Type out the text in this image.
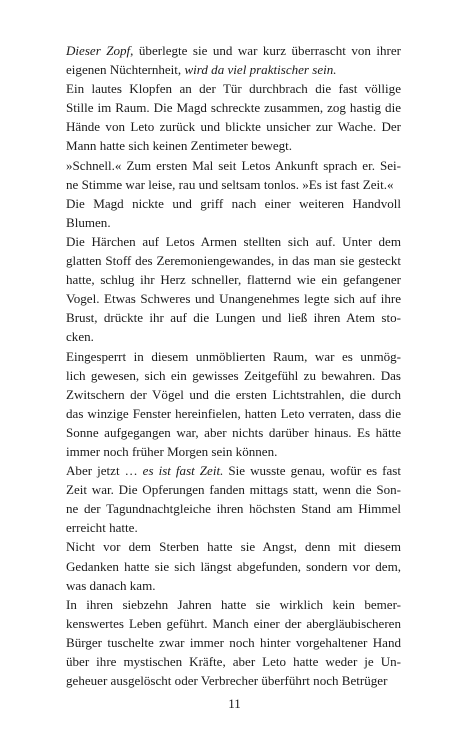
Dieser Zopf, überlegte sie und war kurz überrascht von ihrer
eigenen Nüchternheit, wird da viel praktischer sein.
Ein lautes Klopfen an der Tür durchbrach die fast völlige
Stille im Raum. Die Magd schreckte zusammen, zog hastig die
Hände von Leto zurück und blickte unsicher zur Wache. Der
Mann hatte sich keinen Zentimeter bewegt.
»Schnell.« Zum ersten Mal seit Letos Ankunft sprach er. Sei-
ne Stimme war leise, rau und seltsam tonlos. »Es ist fast Zeit.«
Die Magd nickte und griff nach einer weiteren Handvoll
Blumen.
Die Härchen auf Letos Armen stellten sich auf. Unter dem
glatten Stoff des Zeremoniengewandes, in das man sie gesteckt
hatte, schlug ihr Herz schneller, flatternd wie ein gefangener
Vogel. Etwas Schweres und Unangenehmes legte sich auf ihre
Brust, drückte ihr auf die Lungen und ließ ihren Atem sto-
cken.
Eingesperrt in diesem unmöblierten Raum, war es unmög-
lich gewesen, sich ein gewisses Zeitgefühl zu bewahren. Das
Zwitschern der Vögel und die ersten Lichtstrahlen, die durch
das winzige Fenster hereinfielen, hatten Leto verraten, dass die
Sonne aufgegangen war, aber nichts darüber hinaus. Es hätte
immer noch früher Morgen sein können.
Aber jetzt … es ist fast Zeit. Sie wusste genau, wofür es fast
Zeit war. Die Opferungen fanden mittags statt, wenn die Son-
ne der Tagundnachtgleiche ihren höchsten Stand am Himmel
erreicht hatte.
Nicht vor dem Sterben hatte sie Angst, denn mit diesem
Gedanken hatte sie sich längst abgefunden, sondern vor dem,
was danach kam.
In ihren siebzehn Jahren hatte sie wirklich kein bemer-
kenswertes Leben geführt. Manch einer der abergläubischeren
Bürger tuschelte zwar immer noch hinter vorgehaltener Hand
über ihre mystischen Kräfte, aber Leto hatte weder je Un-
geheuer ausgelöscht oder Verbrecher überführt noch Betrüger
11
